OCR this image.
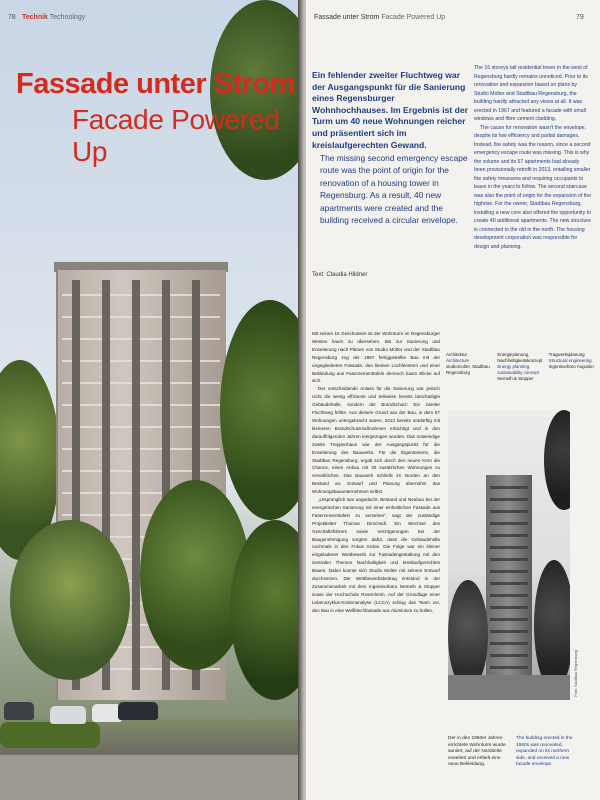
78 Technik Technology
Fassade unter Strom
Facade Powered Up
Fassade unter Strom Facade Powered Up	79
Ein fehlender zweiter Fluchtweg war der Ausgangspunkt für die Sanierung eines Regensburger Wohnhochhauses. Im Ergebnis ist der Turm um 40 neue Wohnungen reicher und präsentiert sich im kreislaufgerechten Gewand.
The missing second emergency escape route was the point of origin for the renovation of a housing tower in Regensburg. As a result, 40 new apartments were created and the building received a circular envelope.
Text: Claudia Hildner

The 16 storeys tall residential tower in the west of Regensburg hardly remains unnoticed. Prior to its renovation and expansion based on plans by Studio Molter and Stadtbau Regensburg, the building hardly attracted any views at all. It was erected in 1967 and featured a facade with small windows and fibre cement cladding.

The cause for renovation wasn't the envelope, despite its low efficiency and partial damages. Instead, fire safety was the reason, since a second emergency escape route was missing. This is why the volume and its 57 apartments had already been provisionally retrofit in 2013, entailing smaller fire safety measures and requiring occupants to leave in the years to follow. The second staircase was also the point of origin for the expansion of the highrise. For the owner, Stadtbau Regensburg, installing a new core also offered the opportunity to create 40 additional apartments. The new structure is connected to the old in the north. The housing development corporation was responsible for design and planning.

Mit seinen 16 Geschossen ist der Wohnturm im Regensburger Westen kaum zu übersehen. Bis zur Sanierung und Erweiterung nach Plänen von Studio Molter und der Stadtbau Regensburg zog der 1967 fertiggestellte Bau mit der ungegliederten Fassade, den kleinen Lochfenstern und einer Bekleidung aus Faserzementtafeln dennoch kaum Blicke auf sich.

Der entscheidende Anlass für die Sanierung war jedoch nicht die wenig effiziente und teilweise bereits beschädigte Gebäudehülle, sondern der Brandschutz: Ein zweiter Fluchtweg fehlte. Aus diesem Grund war der Bau, in dem 57 Wohnungen untergebracht waren, 2013 bereits notdürftig mit kleineren Brandschutzmaßnahmen ertüchtigt und in den darauffolgenden Jahren leergezogen worden. Das notwendige zweite Treppenhaus war der Ausgangspunkt für die Erweiterung des Bauwerks. Für die Eigentümerin, die Stadtbau Regensburg, ergab sich durch den neuen Kern die Chance, einen Anbau mit 40 zusätzlichen Wohnungen zu verwirklichen. Das Bauwerk schließt im Norden an den Bestand an; Entwurf und Planung übernahm das Wohnungsbauunternehmen selbst.

„Ursprünglich war angedacht, Bestand und Neubau bei der energetischen Sanierung mit einer einheitlichen Fassade aus Faserzementtafeln zu versehen“, sagt der zuständige Projektleiter Thomas Dirschedl. Ein Wechsel des Geschäftsführers sowie Verzögerungen bei der Baugenehmigung sorgten dafür, dass die Gebäudehülle nochmals in den Fokus rückte. Die Folge war ein kleiner eingeladener Wettbewerb zur Fassadengestaltung mit den zentralen Themen Nachhaltigkeit und kreislaufgerechtes Bauen. Dabei konnte sich Studio Molter mit seinem Entwurf durchsetzen. Der Wettbewerbsbeitrag entstand in der Zusammenarbeit mit dem Ingenieurbüro Nemeth & Stopper sowie der Hochschule Rosenheim. Auf der Grundlage einer Lebenszyklus-Kostenanalyse (LCCA) schlug das Team vor, den Bau in eine Wellblechfassade aus Aluminium zu hüllen.

Architektur
Architecture
studiomolter, Stadtbau Regensburg
Energieplanung, Nachhaltigkeitskonzept
Energy planning, sustainability concept
Nemeth & Stopper
Tragwerksplanung
Structural engineering
Ingenieurbüro Augustin
Foto: Stadtbau Regensburg
Der in den 1960er Jahren errichtete Wohnturm wurde saniert, auf der Nordseite erweitert und erhielt eine neue Bekleidung.
The building erected in the 1960s was renovated, expanded on its northern side, and received a new facade envelope.
